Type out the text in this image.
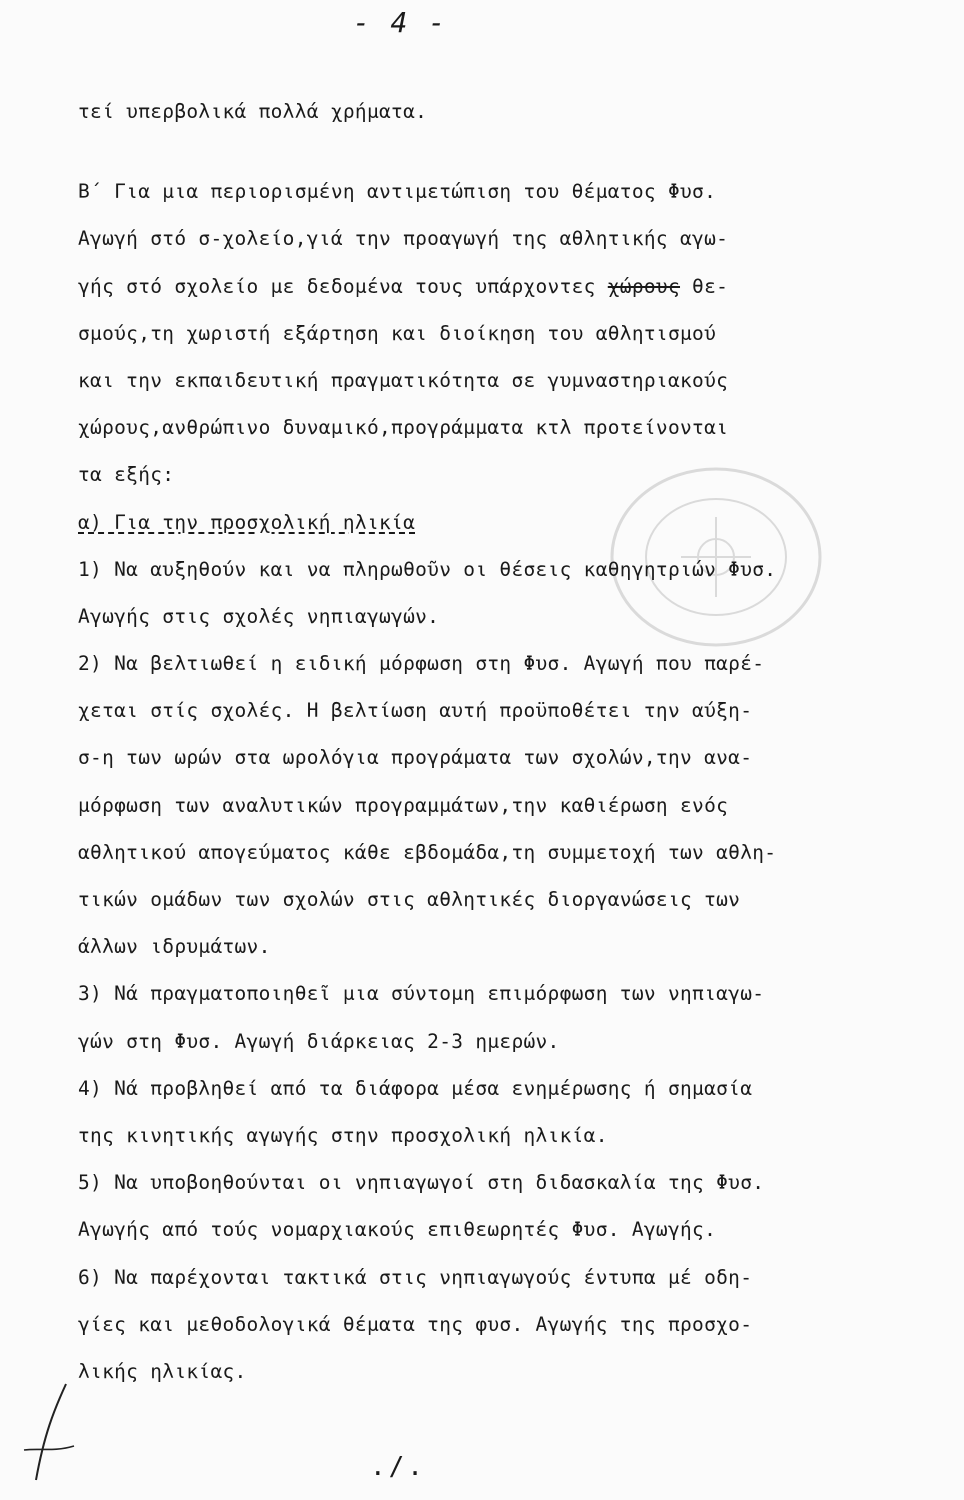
- 4 -
τεί υπερβολικά πολλά χρήματα.
Β΄ Για μια περιορισμένη αντιμετώπιση του θέματος Φυσ.
Αγωγή στό σ-χολείο,γιά την προαγωγή της αθλητικής αγω-
γής στό σχολείο με δεδομένα τους υπάρχοντες χώρους θε-
σμούς,τη χωριστή εξάρτηση και διοίκηση του αθλητισμού
και την εκπαιδευτική πραγματικότητα σε γυμναστηριακούς
χώρους,ανθρώπινο δυναμικό,προγράμματα κτλ προτείνονται
τα εξής:
α) Για την προσχολική ηλικία
1) Να αυξηθούν και να πληρωθοῦν οι θέσεις καθηγητριών Φυσ.
Αγωγής στις σχολές νηπιαγωγών.
2) Να βελτιωθεί η ειδική μόρφωση στη Φυσ. Αγωγή που παρέ-
χεται στίς σχολές. Η βελτίωση αυτή προϋποθέτει την αύξη-
σ-η των ωρών στα ωρολόγια προγράματα των σχολών,την ανα-
μόρφωση των αναλυτικών προγραμμάτων,την καθιέρωση ενός
αθλητικού απογεύματος κάθε εβδομάδα,τη συμμετοχή των αθλη-
τικών ομάδων των σχολών στις αθλητικές διοργανώσεις των
άλλων ιδρυμάτων.
3) Νά πραγματοποιηθεῖ μια σύντομη επιμόρφωση των νηπιαγω-
γών στη Φυσ. Αγωγή διάρκειας 2-3 ημερών.
4) Νά προβληθεί από τα διάφορα μέσα ενημέρωσης ή σημασία
της κινητικής αγωγής στην προσχολική ηλικία.
5) Να υποβοηθούνται οι νηπιαγωγοί στη διδασκαλία της Φυσ.
Αγωγής από τούς νομαρχιακούς επιθεωρητές Φυσ. Αγωγής.
6) Να παρέχονται τακτικά στις νηπιαγωγούς έντυπα μέ οδη-
γίες και μεθοδολογικά θέματα της φυσ. Αγωγής της προσχο-
λικής ηλικίας.
./.
